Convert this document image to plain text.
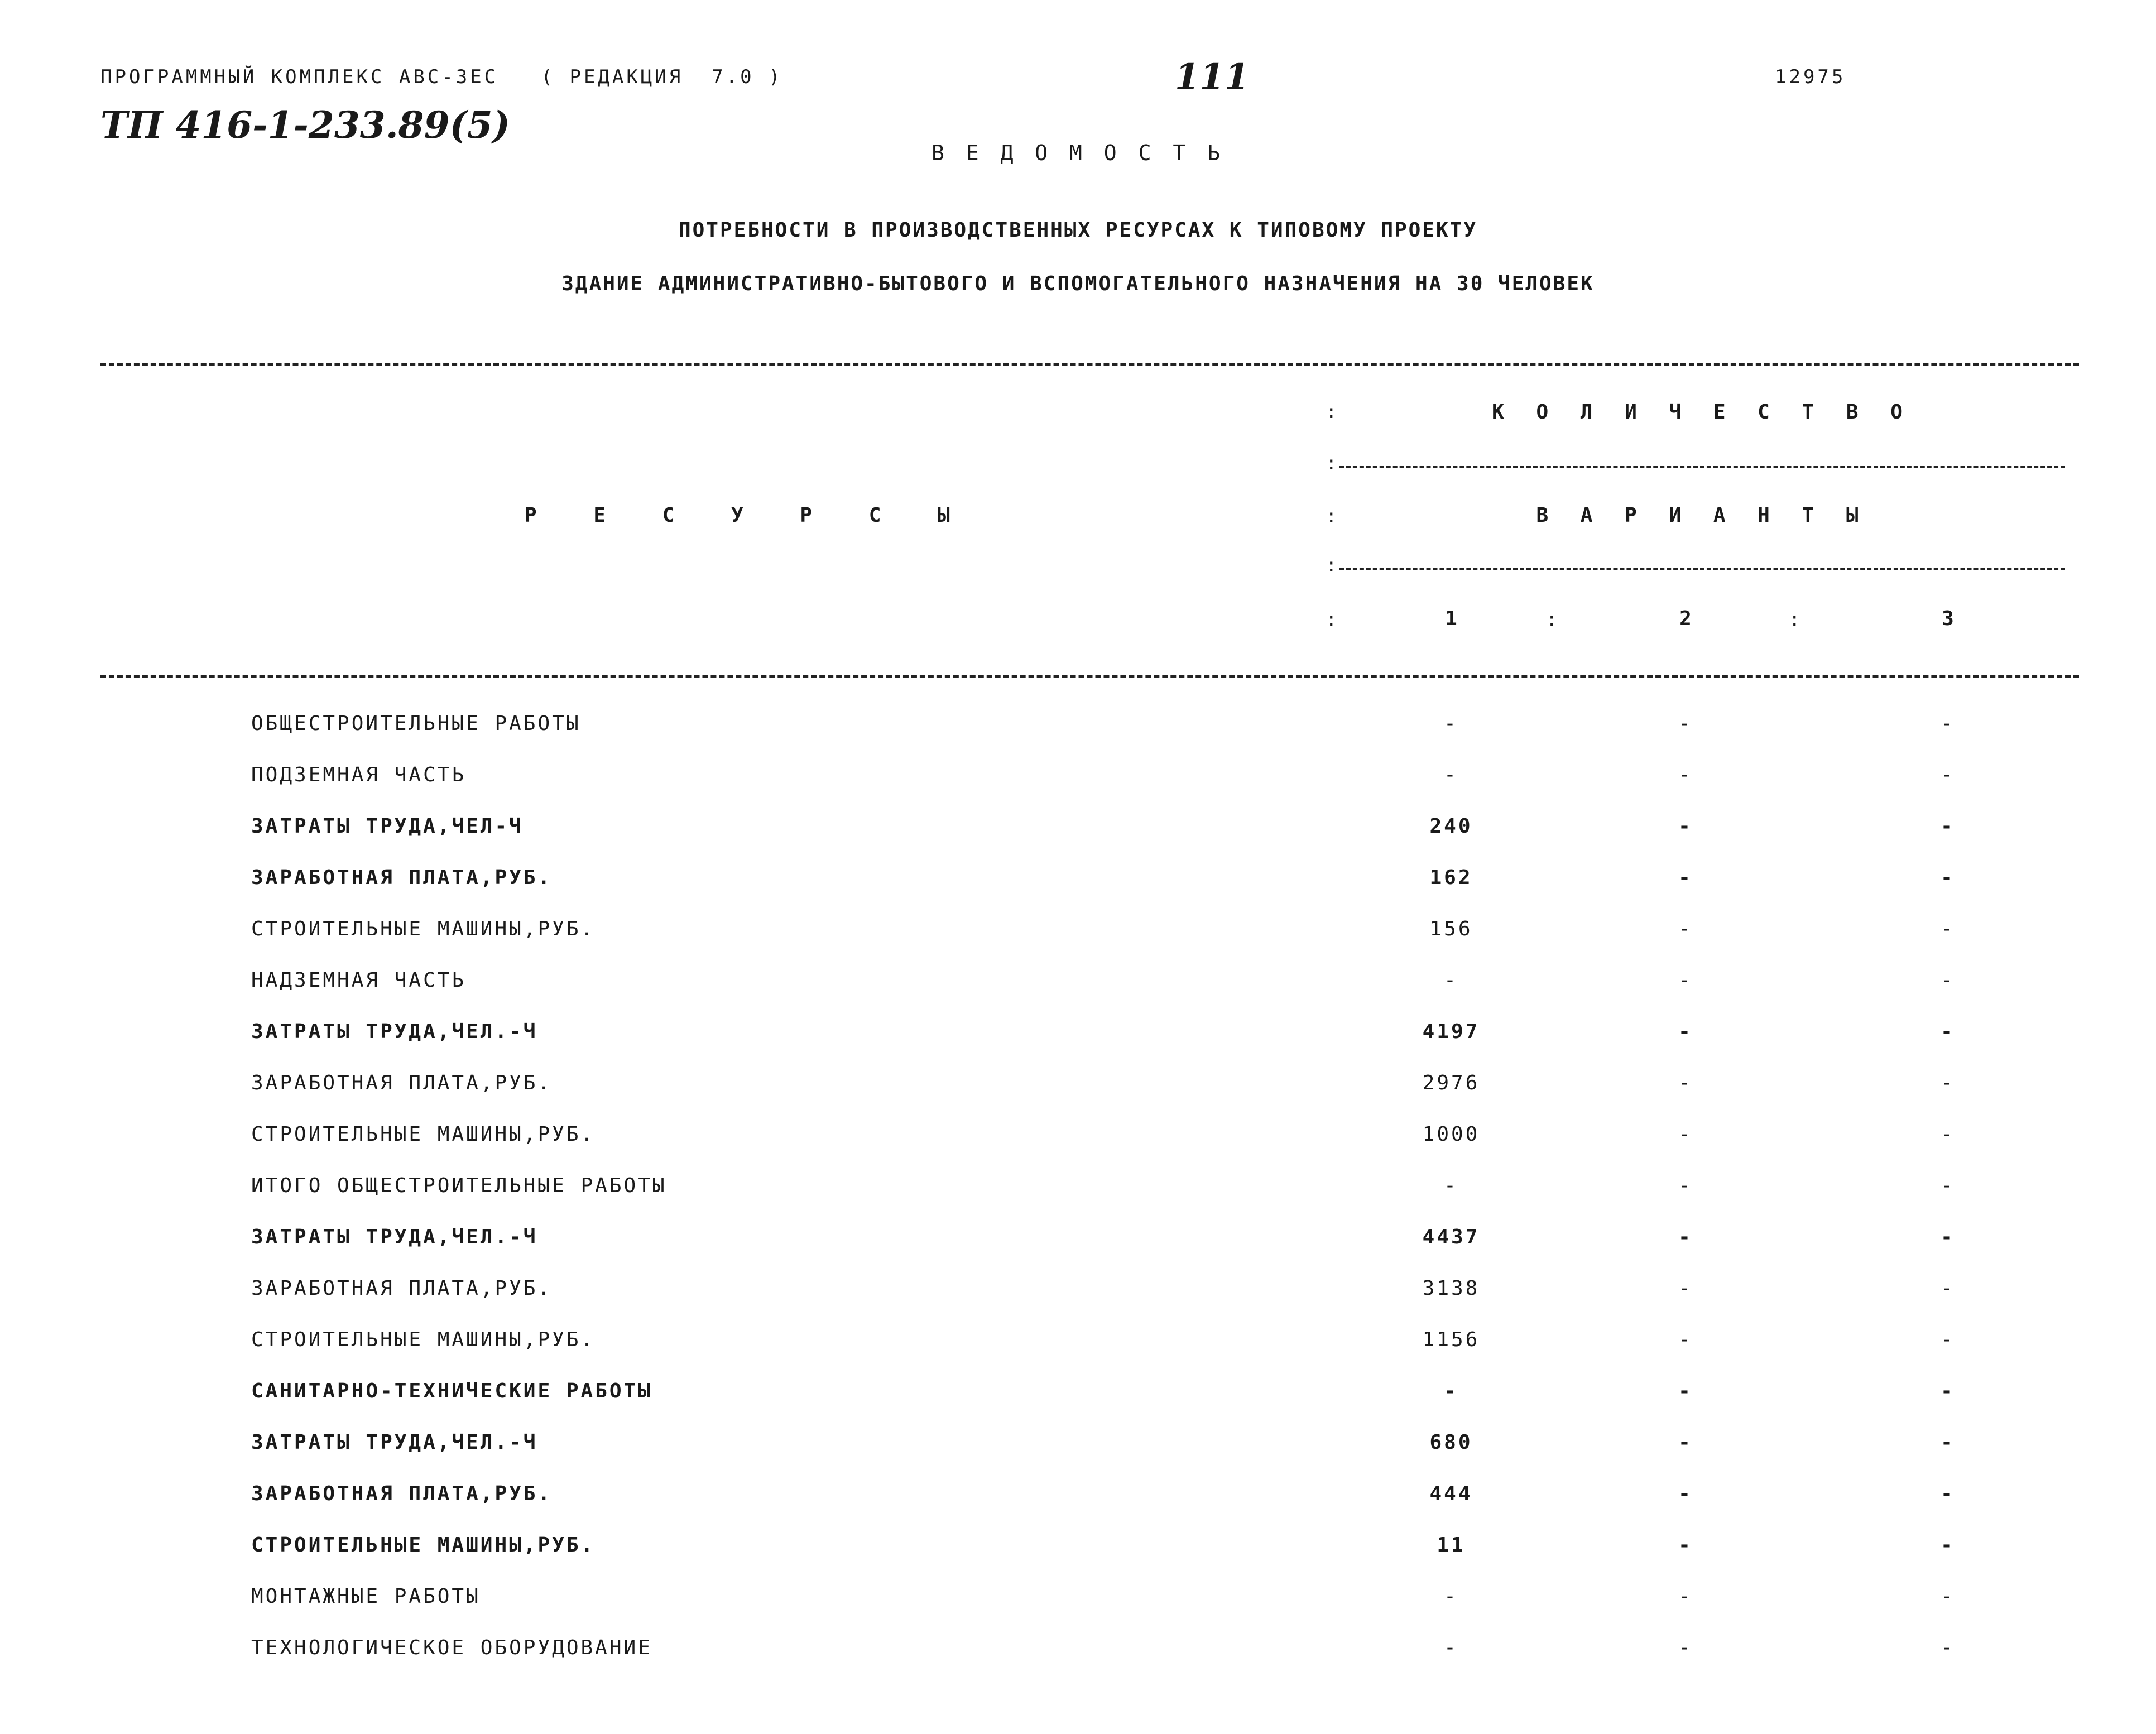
ПРОГРАММНЫЙ КОМПЛЕКС АВС-3ЕС   ( РЕДАКЦИЯ  7.0 )	111	12975
ТП 416-1-233.89(5)
В Е Д О М О С Т Ь
ПОТРЕБНОСТИ В ПРОИЗВОДСТВЕННЫХ РЕСУРСАХ К ТИПОВОМУ ПРОЕКТУ
ЗДАНИЕ АДМИНИСТРАТИВНО-БЫТОВОГО И ВСПОМОГАТЕЛЬНОГО НАЗНАЧЕНИЯ НА 30 ЧЕЛОВЕК
:
:
:
:
:	:	:
Р Е С У Р С Ы
К О Л И Ч Е С Т В О
В А Р И А Н Т Ы
1	2	3
ОБЩЕСТРОИТЕЛЬНЫЕ РАБОТЫ	-	-	-
ПОДЗЕМНАЯ ЧАСТЬ	-	-	-
ЗАТРАТЫ ТРУДА,ЧЕЛ-Ч	240	-	-
ЗАРАБОТНАЯ ПЛАТА,РУБ.	162	-	-
СТРОИТЕЛЬНЫЕ МАШИНЫ,РУБ.	156	-	-
НАДЗЕМНАЯ ЧАСТЬ	-	-	-
ЗАТРАТЫ ТРУДА,ЧЕЛ.-Ч	4197	-	-
ЗАРАБОТНАЯ ПЛАТА,РУБ.	2976	-	-
СТРОИТЕЛЬНЫЕ МАШИНЫ,РУБ.	1000	-	-
ИТОГО ОБЩЕСТРОИТЕЛЬНЫЕ РАБОТЫ	-	-	-
ЗАТРАТЫ ТРУДА,ЧЕЛ.-Ч	4437	-	-
ЗАРАБОТНАЯ ПЛАТА,РУБ.	3138	-	-
СТРОИТЕЛЬНЫЕ МАШИНЫ,РУБ.	1156	-	-
САНИТАРНО-ТЕХНИЧЕСКИЕ РАБОТЫ	-	-	-
ЗАТРАТЫ ТРУДА,ЧЕЛ.-Ч	680	-	-
ЗАРАБОТНАЯ ПЛАТА,РУБ.	444	-	-
СТРОИТЕЛЬНЫЕ МАШИНЫ,РУБ.	11	-	-
МОНТАЖНЫЕ РАБОТЫ	-	-	-
ТЕХНОЛОГИЧЕСКОЕ ОБОРУДОВАНИЕ	-	-	-
